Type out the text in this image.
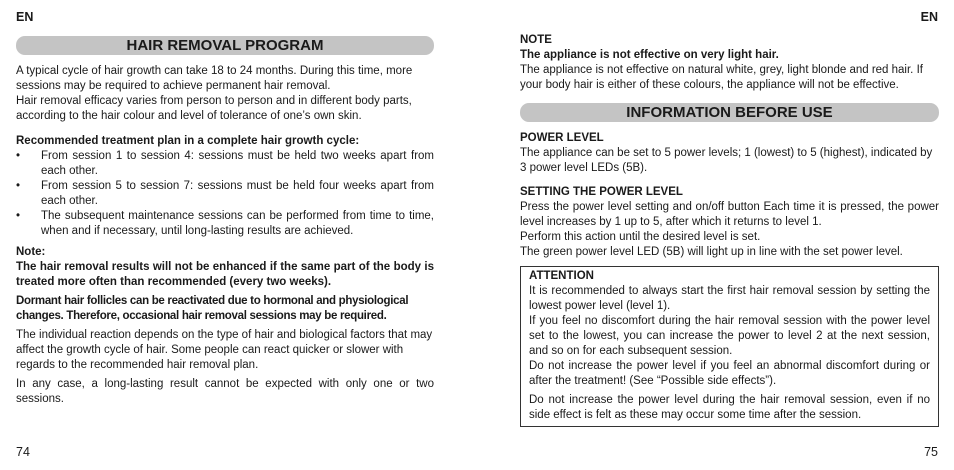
EN	EN
HAIR REMOVAL PROGRAM

A typical cycle of hair growth can take 18 to 24 months. During this time, more sessions may be required to achieve permanent hair removal.

Hair removal efficacy varies from person to person and in different body parts, according to the hair colour and level of tolerance of one’s own skin.

Recommended treatment plan in a complete hair growth cycle:

• From session 1 to session 4: sessions must be held two weeks apart from each other.
• From session 5 to session 7: sessions must be held four weeks apart from each other.
• The subsequent maintenance sessions can be performed from time to time, when and if necessary, until long-lasting results are achieved.

Note:

The hair removal results will not be enhanced if the same part of the body is treated more often than recommended (every two weeks).

Dormant hair follicles can be reactivated due to hormonal and physiological changes. Therefore, occasional hair removal sessions may be required.

The individual reaction depends on the type of hair and biological factors that may affect the growth cycle of hair. Some people can react quicker or slower with regards to the recommended hair removal plan.

In any case, a long-lasting result cannot be expected with only one or two sessions.

NOTE

The appliance is not effective on very light hair.

The appliance is not effective on natural white, grey, light blonde and red hair. If your body hair is either of these colours, the appliance will not be effective.

INFORMATION BEFORE USE

POWER LEVEL

The appliance can be set to 5 power levels; 1 (lowest) to 5 (highest), indicated by 3 power level LEDs (5B).

SETTING THE POWER LEVEL

Press the power level setting and on/off button Each time it is pressed, the power level increases by 1 up to 5, after which it returns to level 1.

Perform this action until the desired level is set.

The green power level LED (5B) will light up in line with the set power level.

ATTENTION

It is recommended to always start the first hair removal session by setting the lowest power level (level 1).

If you feel no discomfort during the hair removal session with the power level set to the lowest, you can increase the power to level 2 at the next session, and so on for each subsequent session.

Do not increase the power level if you feel an abnormal discomfort during or after the treatment! (See “Possible side effects”).

Do not increase the power level during the hair removal session, even if no side effect is felt as these may occur some time after the session.

74	75
